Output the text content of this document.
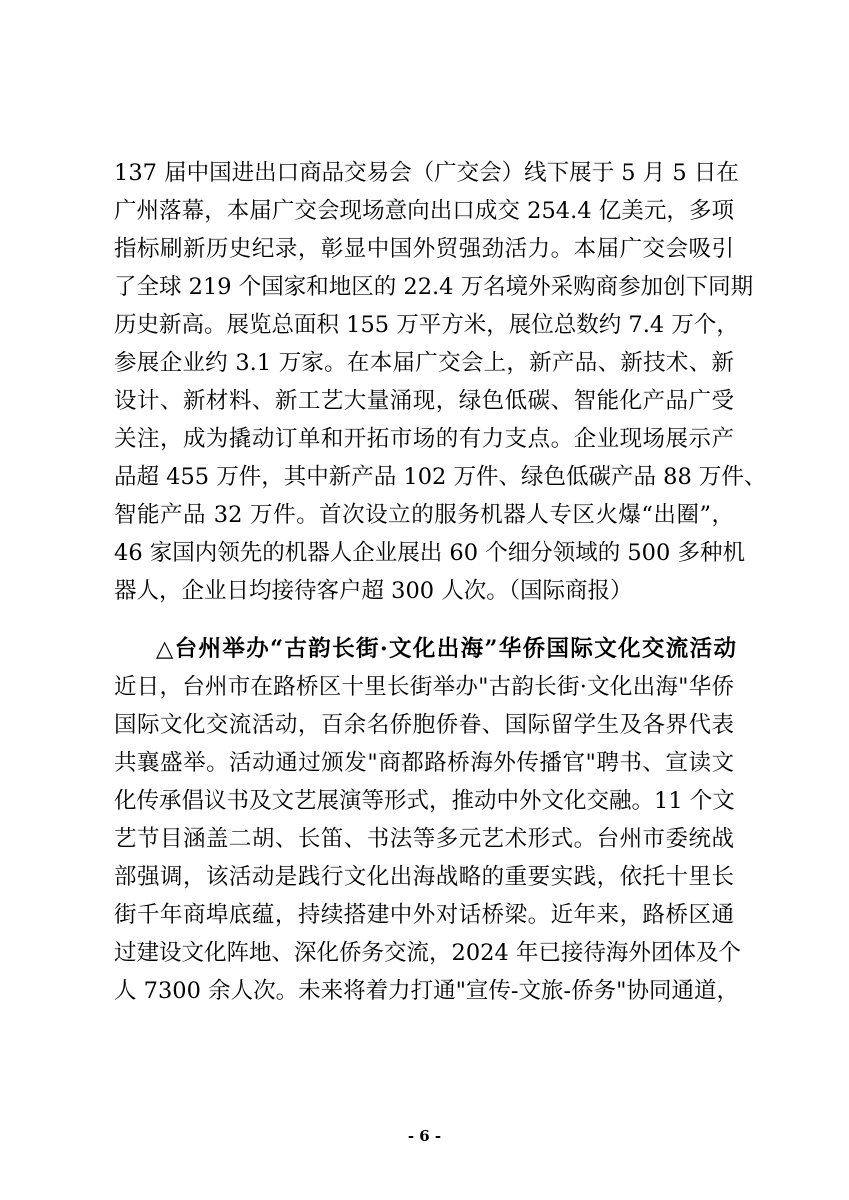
137 届中国进出口商品交易会（广交会）线下展于 5 月 5 日在
广州落幕，本届广交会现场意向出口成交 254.4 亿美元，多项
指标刷新历史纪录，彰显中国外贸强劲活力。本届广交会吸引
了全球 219 个国家和地区的 22.4 万名境外采购商参加创下同期
历史新高。展览总面积 155 万平方米，展位总数约 7.4 万个，
参展企业约 3.1 万家。在本届广交会上，新产品、新技术、新
设计、新材料、新工艺大量涌现，绿色低碳、智能化产品广受
关注，成为撬动订单和开拓市场的有力支点。企业现场展示产
品超 455 万件，其中新产品 102 万件、绿色低碳产品 88 万件、
智能产品 32 万件。首次设立的服务机器人专区火爆“出圈”，
46 家国内领先的机器人企业展出 60 个细分领域的 500 多种机
器人，企业日均接待客户超 300 人次。（国际商报）
△台州举办“古韵长街·文化出海”华侨国际文化交流活动
近日，台州市在路桥区十里长街举办"古韵长街·文化出海"华侨
国际文化交流活动，百余名侨胞侨眷、国际留学生及各界代表
共襄盛举。活动通过颁发"商都路桥海外传播官"聘书、宣读文
化传承倡议书及文艺展演等形式，推动中外文化交融。11 个文
艺节目涵盖二胡、长笛、书法等多元艺术形式。台州市委统战
部强调，该活动是践行文化出海战略的重要实践，依托十里长
街千年商埠底蕴，持续搭建中外对话桥梁。近年来，路桥区通
过建设文化阵地、深化侨务交流，2024 年已接待海外团体及个
人 7300 余人次。未来将着力打通"宣传-文旅-侨务"协同通道，
- 6 -
